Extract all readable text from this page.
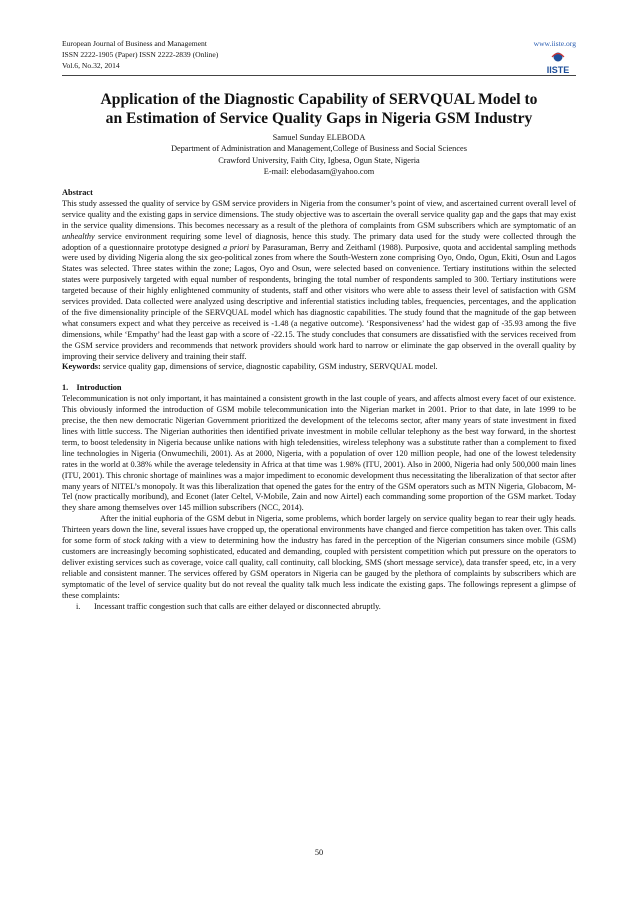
European Journal of Business and Management	www.iiste.org
ISSN 2222-1905 (Paper) ISSN 2222-2839 (Online)
Vol.6, No.32, 2014	IISTE
Application of the Diagnostic Capability of SERVQUAL Model to
an Estimation of Service Quality Gaps in Nigeria GSM Industry
Samuel Sunday ELEBODA
Department of Administration and Management,College of Business and Social Sciences
Crawford University, Faith City, Igbesa, Ogun State, Nigeria
E-mail: elebodasam@yahoo.com
Abstract

This study assessed the quality of service by GSM service providers in Nigeria from the consumer’s point of view, and ascertained current overall level of service quality and the existing gaps in service dimensions. The study objective was to ascertain the overall service quality gap and the gaps that may exist in the service quality dimensions. This becomes necessary as a result of the plethora of complaints from GSM subscribers which are symptomatic of an unhealthy service environment requiring some level of diagnosis, hence this study. The primary data used for the study were collected through the adoption of a questionnaire prototype designed a priori by Parasuraman, Berry and Zeithaml (1988). Purposive, quota and accidental sampling methods were used by dividing Nigeria along the six geo-political zones from where the South-Western zone comprising Oyo, Ondo, Ogun, Ekiti, Osun and Lagos States was selected. Three states within the zone; Lagos, Oyo and Osun, were selected based on convenience. Tertiary institutions within the selected states were purposively targeted with equal number of respondents, bringing the total number of respondents sampled to 300. Tertiary institutions were targeted because of their highly enlightened community of students, staff and other visitors who were able to assess their level of satisfaction with GSM services provided. Data collected were analyzed using descriptive and inferential statistics including tables, frequencies, percentages, and the application of the five dimensionality principle of the SERVQUAL model which has diagnostic capabilities. The study found that the magnitude of the gap between what consumers expect and what they perceive as received is -1.48 (a negative outcome). ‘Responsiveness’ had the widest gap of -35.93 among the five dimensions, while ‘Empathy’ had the least gap with a score of -22.15. The study concludes that consumers are dissatisfied with the services received from the GSM service providers and recommends that network providers should work hard to narrow or eliminate the gap observed in the overall quality by improving their service delivery and training their staff.

Keywords: service quality gap, dimensions of service, diagnostic capability, GSM industry, SERVQUAL model.

1.    Introduction

Telecommunication is not only important, it has maintained a consistent growth in the last couple of years, and affects almost every facet of our existence. This obviously informed the introduction of GSM mobile telecommunication into the Nigerian market in 2001. Prior to that date, in late 1999 to be precise, the then new democratic Nigerian Government prioritized the development of the telecoms sector, after many years of state investment in fixed lines with little success. The Nigerian authorities then identified private investment in mobile cellular telephony as the best way forward, in the shortest term, to boost teledensity in Nigeria because unlike nations with high teledensities, wireless telephony was a substitute rather than a complement to fixed line technologies in Nigeria (Onwumechili, 2001). As at 2000, Nigeria, with a population of over 120 million people, had one of the lowest teledensity rates in the world at 0.38% while the average teledensity in Africa at that time was 1.98% (ITU, 2001). Also in 2000, Nigeria had only 500,000 main lines (ITU, 2001). This chronic shortage of mainlines was a major impediment to economic development thus necessitating the liberalization of that sector after many years of NITEL’s monopoly. It was this liberalization that opened the gates for the entry of the GSM operators such as MTN Nigeria, Globacom, M-Tel (now practically moribund), and Econet (later Celtel, V-Mobile, Zain and now Airtel) each commanding some proportion of the GSM market. Today they share among themselves over 145 million subscribers (NCC, 2014).

After the initial euphoria of the GSM debut in Nigeria, some problems, which border largely on service quality began to rear their ugly heads. Thirteen years down the line, several issues have cropped up, the operational environments have changed and fierce competition has taken over. This calls for some form of stock taking with a view to determining how the industry has fared in the perception of the Nigerian consumers since mobile (GSM) customers are increasingly becoming sophisticated, educated and demanding, coupled with persistent competition which put pressure on the operators to deliver existing services such as coverage, voice call quality, call continuity, call blocking, SMS (short message service), data transfer speed, etc, in a very reliable and consistent manner. The services offered by GSM operators in Nigeria can be gauged by the plethora of complaints by subscribers which are symptomatic of the level of service quality but do not reveal the quality talk much less indicate the existing gaps. The followings represent a glimpse of these complaints:

i. Incessant traffic congestion such that calls are either delayed or disconnected abruptly.
50
